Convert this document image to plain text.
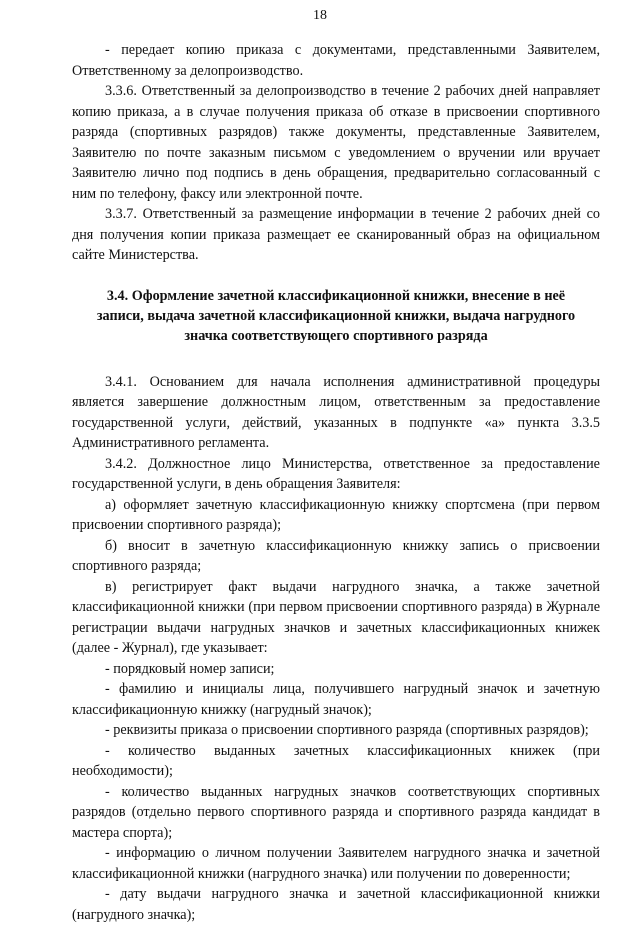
18

- передает копию приказа с документами, представленными Заявителем, Ответственному за делопроизводство.

3.3.6. Ответственный за делопроизводство в течение 2 рабочих дней направляет копию приказа, а в случае получения приказа об отказе в присвоении спортивного разряда (спортивных разрядов) также документы, представленные Заявителем, Заявителю по почте заказным письмом с уведомлением о вручении или вручает Заявителю лично под подпись в день обращения, предварительно согласованный с ним по телефону, факсу или электронной почте.

3.3.7. Ответственный за размещение информации в течение 2 рабочих дней со дня получения копии приказа размещает ее сканированный образ на официальном сайте Министерства.

3.4. Оформление зачетной классификационной книжки, внесение в неё записи, выдача зачетной классификационной книжки, выдача нагрудного значка соответствующего спортивного разряда

3.4.1. Основанием для начала исполнения административной процедуры является завершение должностным лицом, ответственным за предоставление государственной услуги, действий, указанных в подпункте «а» пункта 3.3.5 Административного регламента.

3.4.2. Должностное лицо Министерства, ответственное за предоставление государственной услуги, в день обращения Заявителя:

а) оформляет зачетную классификационную книжку спортсмена (при первом присвоении спортивного разряда);

б) вносит в зачетную классификационную книжку запись о присвоении спортивного разряда;

в) регистрирует факт выдачи нагрудного значка, а также зачетной классификационной книжки (при первом присвоении спортивного разряда) в Журнале регистрации выдачи нагрудных значков и зачетных классификационных книжек (далее - Журнал), где указывает:

- порядковый номер записи;

- фамилию и инициалы лица, получившего нагрудный значок и зачетную классификационную книжку (нагрудный значок);

- реквизиты приказа о присвоении спортивного разряда (спортивных разрядов);

- количество выданных зачетных классификационных книжек (при необходимости);

- количество выданных нагрудных значков соответствующих спортивных разрядов (отдельно первого спортивного разряда и спортивного разряда кандидат в мастера спорта);

- информацию о личном получении Заявителем нагрудного значка и зачетной классификационной книжки (нагрудного значка) или получении по доверенности;

- дату выдачи нагрудного значка и зачетной классификационной книжки (нагрудного значка);
